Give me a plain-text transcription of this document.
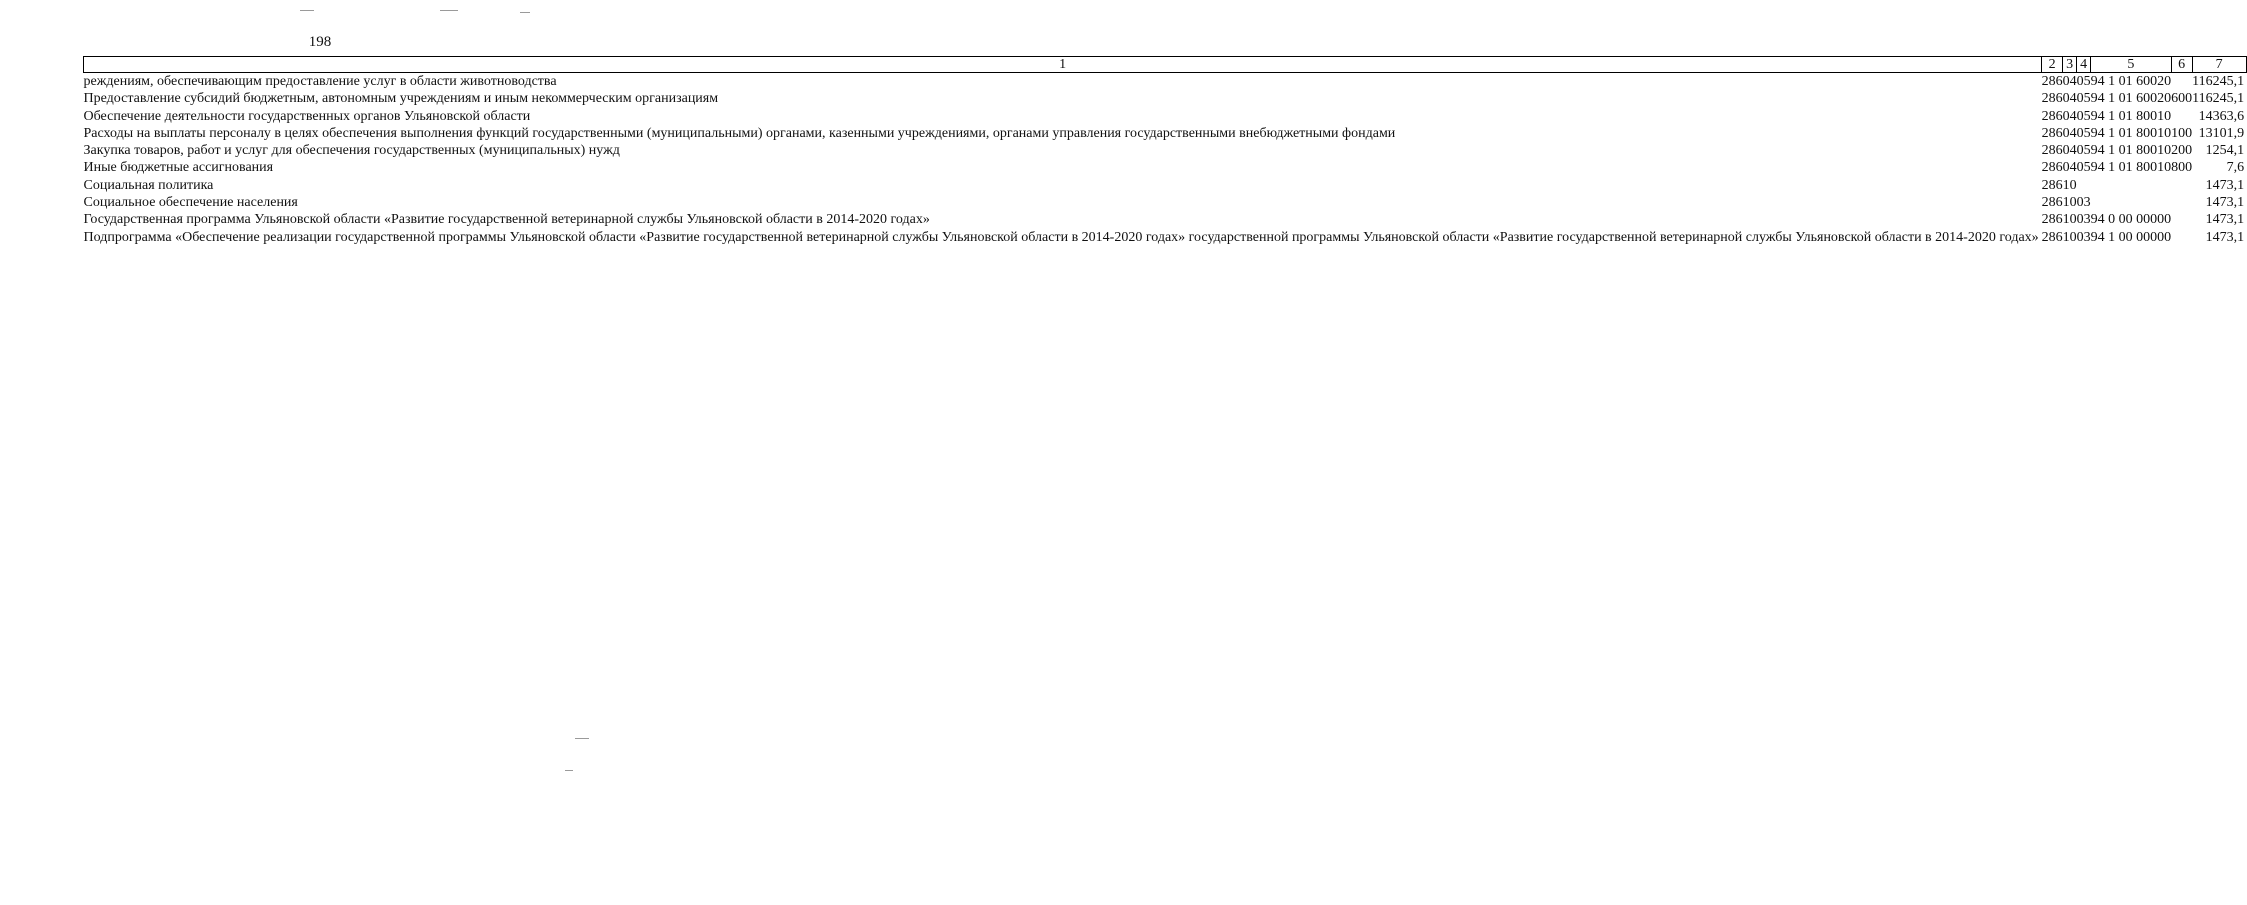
198
1	2	3	4	5	6	7
реждениям, обеспечивающим предоставление услуг в области животноводства	286	04	05	94 1 01 60020		116245,1
Предоставление субсидий бюджетным, автономным учреждениям и иным некоммерческим организациям	286	04	05	94 1 01 60020	600	116245,1
Обеспечение деятельности государственных органов Ульяновской области	286	04	05	94 1 01 80010		14363,6
Расходы на выплаты персоналу в целях обеспечения выполнения функций государственными (муниципальными) органами, казенными учреждениями, органами управления государственными внебюджетными фондами	286	04	05	94 1 01 80010	100	13101,9
Закупка товаров, работ и услуг для обеспечения государственных (муниципальных) нужд	286	04	05	94 1 01 80010	200	1254,1
Иные бюджетные ассигнования	286	04	05	94 1 01 80010	800	7,6
Социальная политика	286	10				1473,1
Социальное обеспечение населения	286	10	03			1473,1
Государственная программа Ульяновской области «Развитие государственной ветеринарной службы Ульяновской области в 2014-2020 годах»	286	10	03	94 0 00 00000		1473,1
Подпрограмма «Обеспечение реализации государственной программы Ульяновской области «Развитие государственной ветеринарной службы Ульяновской области в 2014-2020 годах» государственной программы Ульяновской области «Развитие государственной ветеринарной службы Ульяновской области в 2014-2020 годах»	286	10	03	94 1 00 00000		1473,1
